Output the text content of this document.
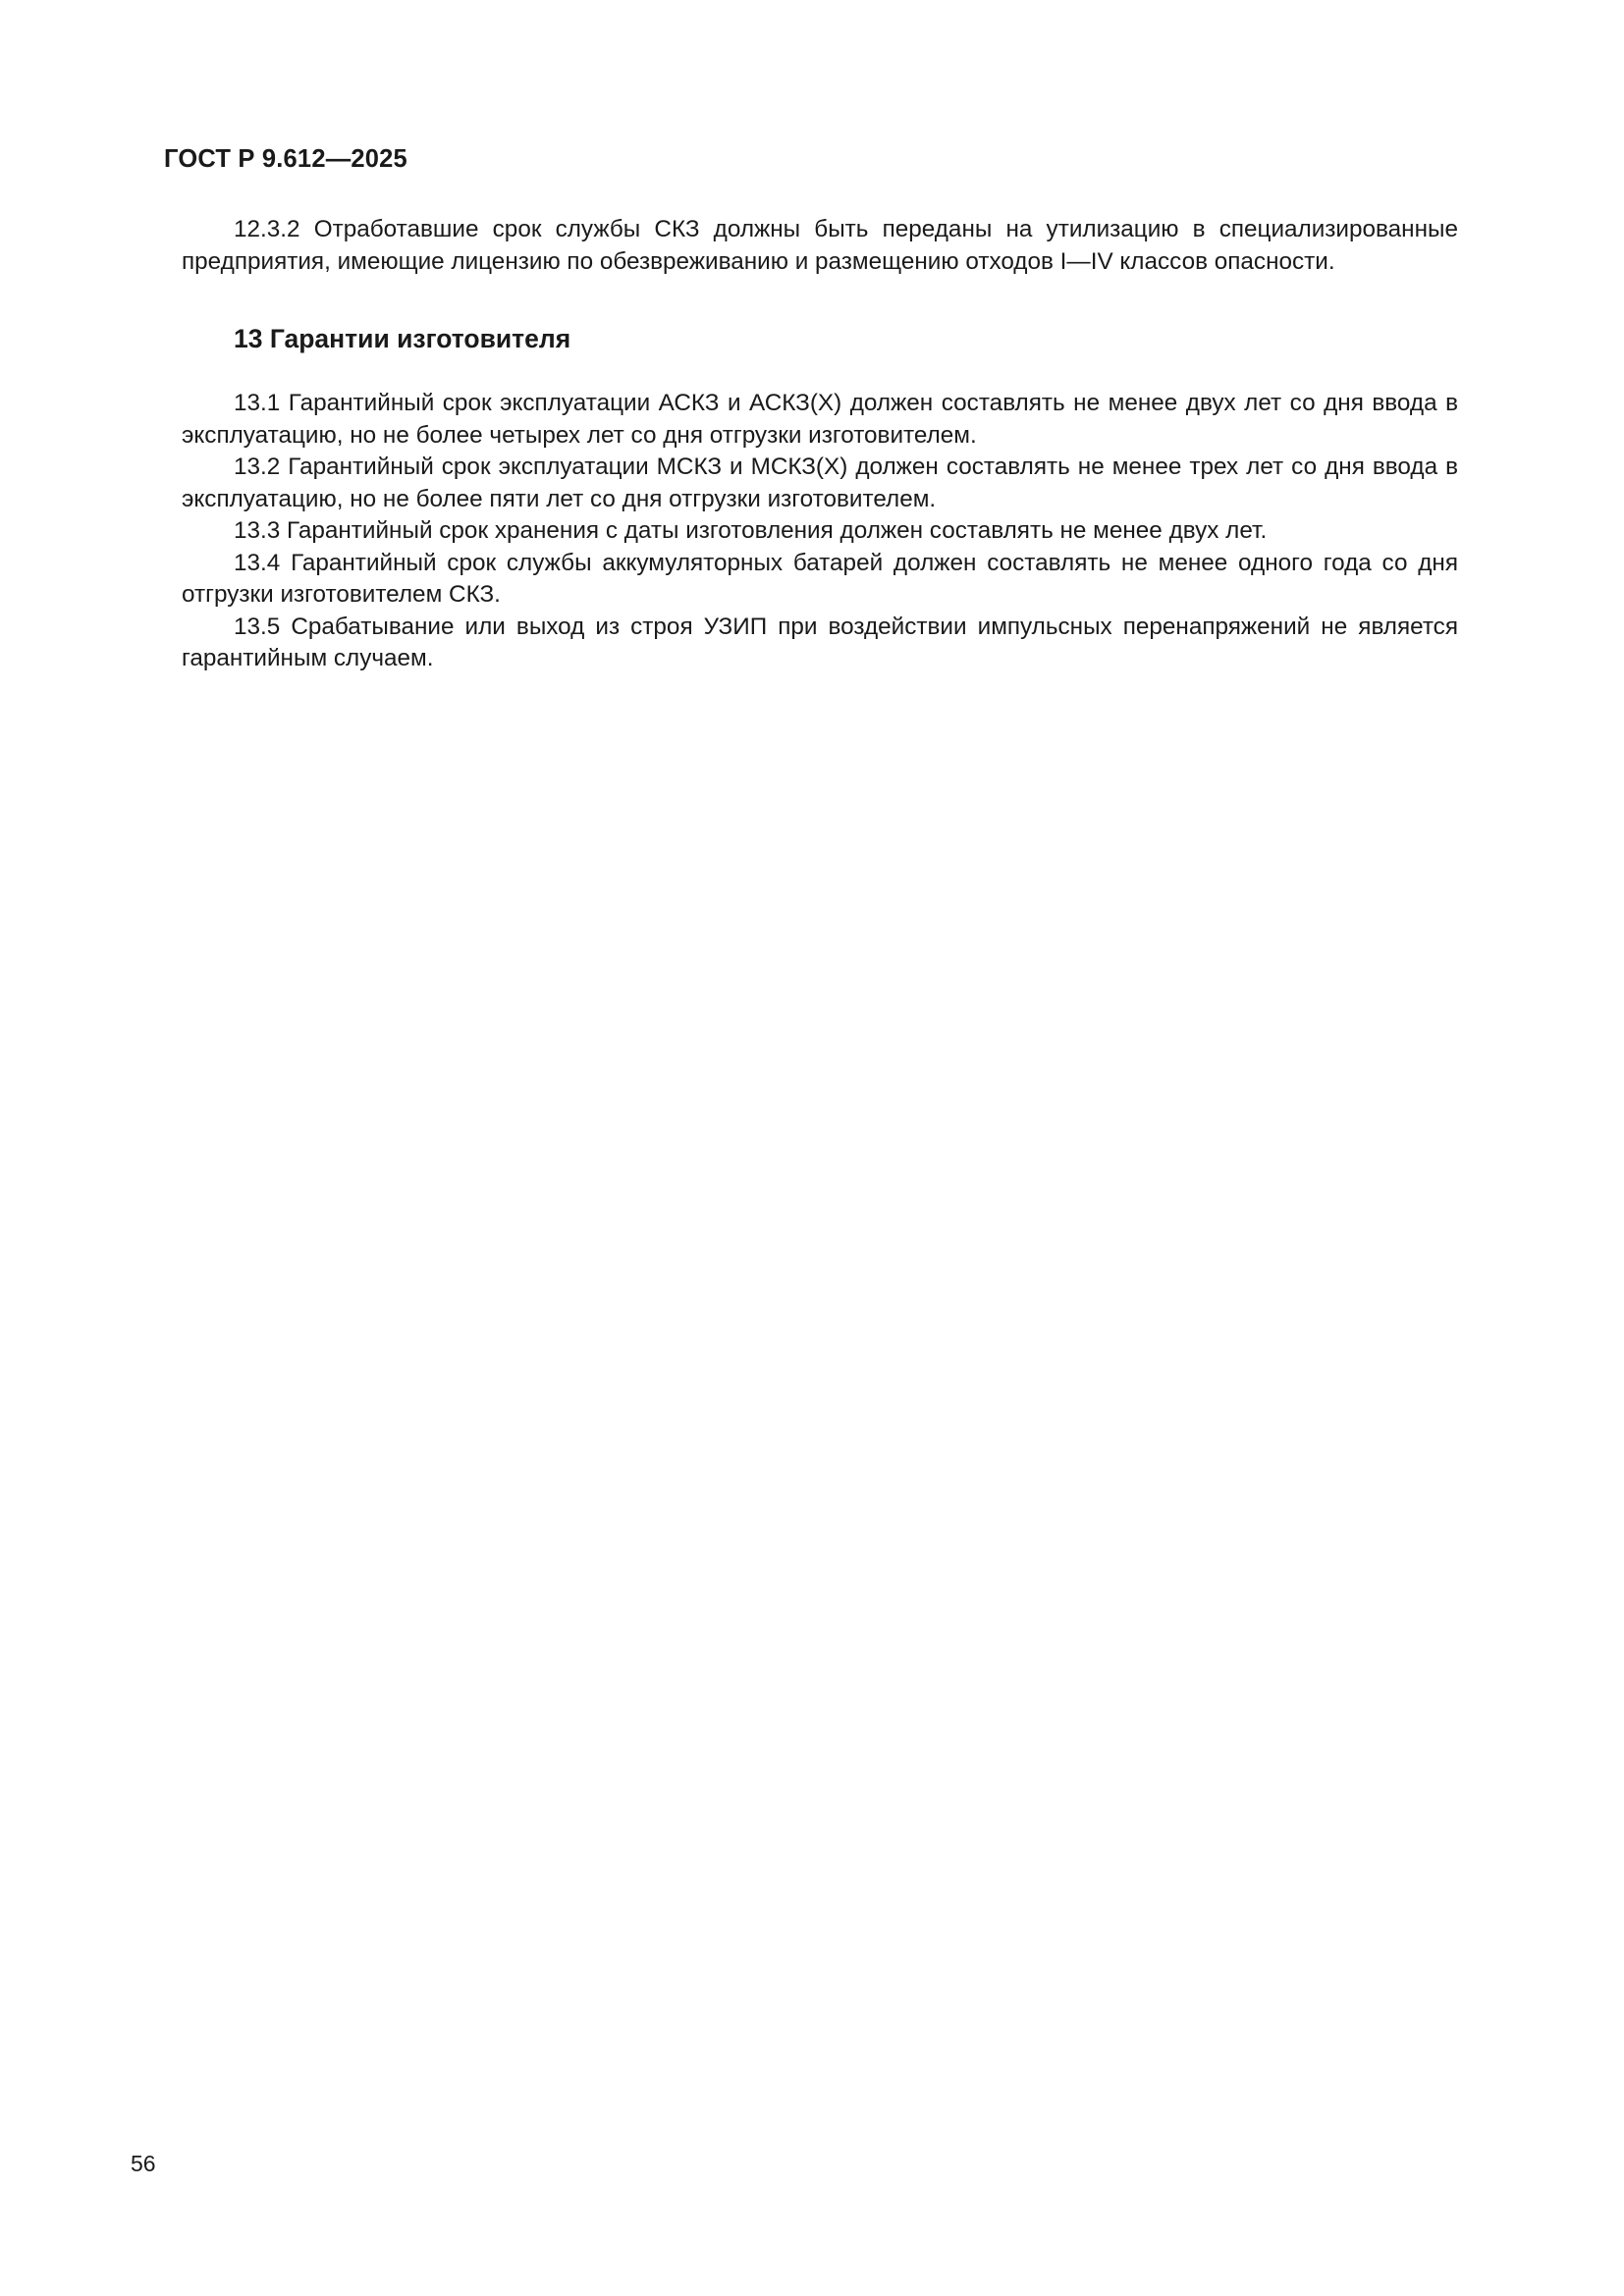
ГОСТ Р 9.612—2025

12.3.2 Отработавшие срок службы СКЗ должны быть переданы на утилизацию в специализированные предприятия, имеющие лицензию по обезвреживанию и размещению отходов I—IV классов опасности.

13 Гарантии изготовителя

13.1 Гарантийный срок эксплуатации АСКЗ и АСКЗ(Х) должен составлять не менее двух лет со дня ввода в эксплуатацию, но не более четырех лет со дня отгрузки изготовителем.

13.2 Гарантийный срок эксплуатации МСКЗ и МСКЗ(Х) должен составлять не менее трех лет со дня ввода в эксплуатацию, но не более пяти лет со дня отгрузки изготовителем.

13.3 Гарантийный срок хранения с даты изготовления должен составлять не менее двух лет.

13.4 Гарантийный срок службы аккумуляторных батарей должен составлять не менее одного года со дня отгрузки изготовителем СКЗ.

13.5 Срабатывание или выход из строя УЗИП при воздействии импульсных перенапряжений не является гарантийным случаем.

56
